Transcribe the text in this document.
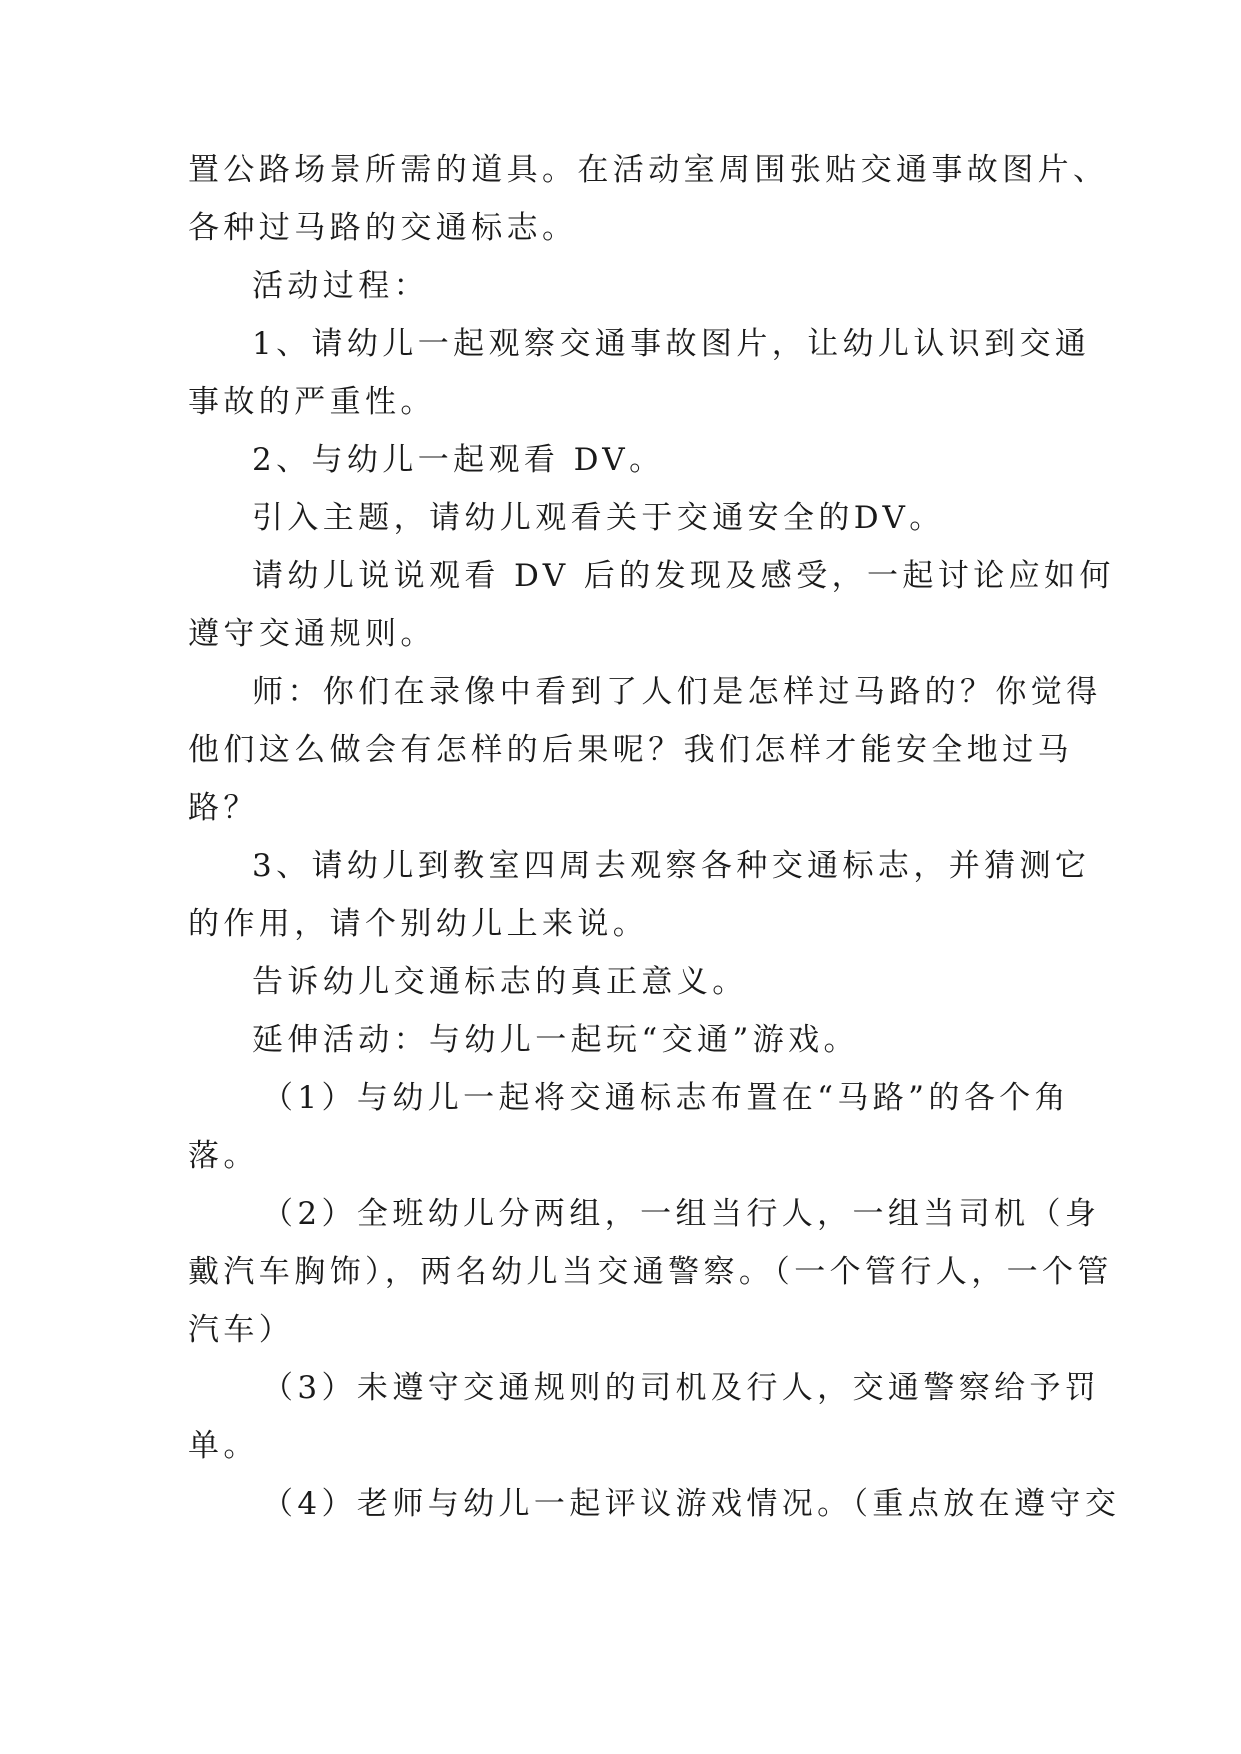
置公路场景所需的道具。在活动室周围张贴交通事故图片、
各种过马路的交通标志。
活动过程：
1、请幼儿一起观察交通事故图片，让幼儿认识到交通
事故的严重性。
2、与幼儿一起观看 DV。
引入主题，请幼儿观看关于交通安全的DV。
请幼儿说说观看 DV 后的发现及感受，一起讨论应如何
遵守交通规则。
师：你们在录像中看到了人们是怎样过马路的？你觉得
他们这么做会有怎样的后果呢？我们怎样才能安全地过马
路？
3、请幼儿到教室四周去观察各种交通标志，并猜测它
的作用，请个别幼儿上来说。
告诉幼儿交通标志的真正意义。
延伸活动：与幼儿一起玩“交通”游戏。
（1）与幼儿一起将交通标志布置在“马路”的各个角
落。
（2）全班幼儿分两组，一组当行人，一组当司机（身
戴汽车胸饰），两名幼儿当交通警察。（一个管行人，一个管
汽车）
（3）未遵守交通规则的司机及行人，交通警察给予罚
单。
（4）老师与幼儿一起评议游戏情况。（重点放在遵守交
